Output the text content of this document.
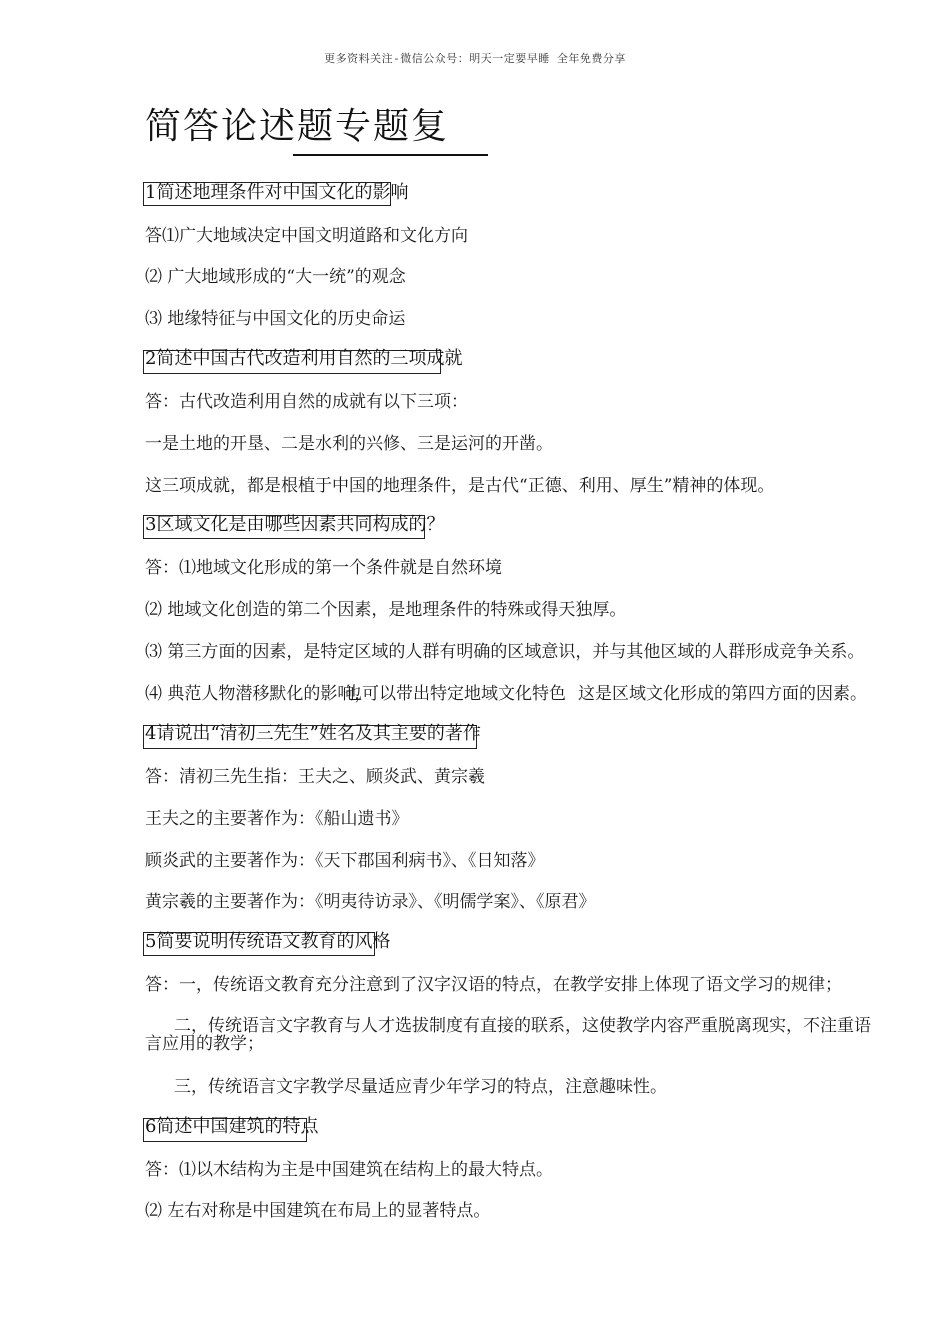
更多资料关注-微信公众号：明天一定要早睡 全年免费分享
简答论述题专题复
1简述地理条件对中国文化的影响
答⑴广大地域决定中国文明道路和文化方向
⑵ 广大地域形成的“大一统”的观念
⑶ 地缘特征与中国文化的历史命运
2简述中国古代改造利用自然的三项成就
答：古代改造利用自然的成就有以下三项：
一是土地的开垦、二是水利的兴修、三是运河的开凿。
这三项成就，都是根植于中国的地理条件，是古代“正德、利用、厚生”精神的体现。
3区域文化是由哪些因素共同构成的？
答：⑴地域文化形成的第一个条件就是自然环境
⑵ 地域文化创造的第二个因素，是地理条件的特殊或得天独厚。
⑶ 第三方面的因素，是特定区域的人群有明确的区域意识，并与其他区域的人群形成竞争关系。
⑷ 典范人物潜移默化的影响，
也可以带出特定地域文化特色 这是区域文化形成的第四方面的因素。
4请说出“清初三先生”姓名及其主要的著作
答：清初三先生指：王夫之、顾炎武、黄宗羲
王夫之的主要著作为：《船山遗书》
顾炎武的主要著作为：《天下郡国利病书》、《日知落》
黄宗羲的主要著作为：《明夷待访录》、《明儒学案》、《原君》
5简要说明传统语文教育的风格
答：一，传统语文教育充分注意到了汉字汉语的特点，在教学安排上体现了语文学习的规律；
二，传统语言文字教育与人才选拔制度有直接的联系，这使教学内容严重脱离现实，不注重语
言应用的教学；
三，传统语言文字教学尽量适应青少年学习的特点，注意趣味性。
6简述中国建筑的特点
答：⑴以木结构为主是中国建筑在结构上的最大特点。
⑵ 左右对称是中国建筑在布局上的显著特点。
